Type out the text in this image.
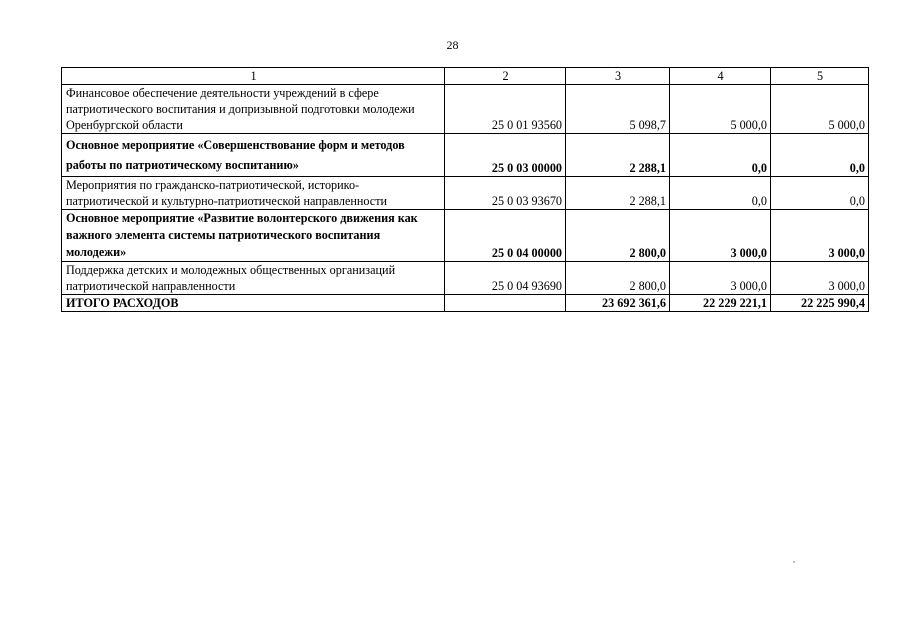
28
1	2	3	4	5
Финансовое обеспечение деятельности учреждений в сфере патриотического воспитания и допризывной подготовки молодежи Оренбургской области	25 0 01 93560	5 098,7	5 000,0	5 000,0
Основное мероприятие «Совершенствование форм и методов работы по патриотическому воспитанию»	25 0 03 00000	2 288,1	0,0	0,0
Мероприятия по гражданско-патриотической, историко-патриотической и культурно-патриотической направленности	25 0 03 93670	2 288,1	0,0	0,0
Основное мероприятие «Развитие волонтерского движения как важного элемента системы патриотического воспитания молодежи»	25 0 04 00000	2 800,0	3 000,0	3 000,0
Поддержка детских и молодежных общественных организаций патриотической направленности	25 0 04 93690	2 800,0	3 000,0	3 000,0
ИТОГО РАСХОДОВ		23 692 361,6	22 229 221,1	22 225 990,4
